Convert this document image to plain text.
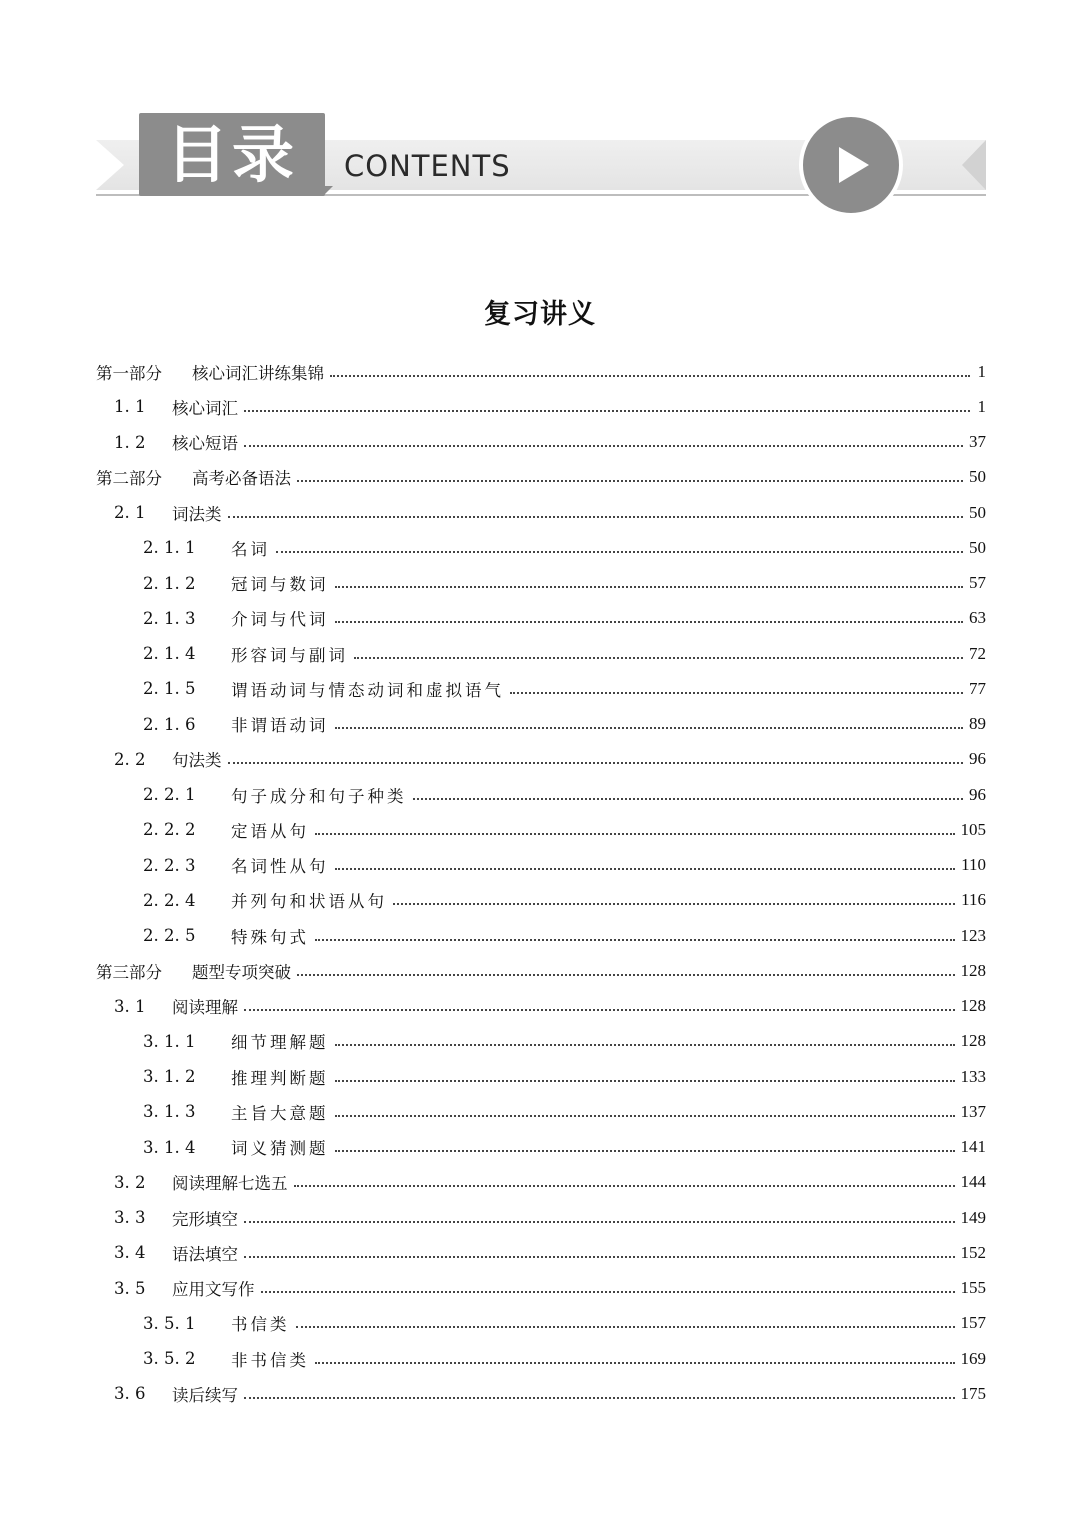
目录	CONTENTS
复习讲义
第一部分	核心词汇讲练集锦	1
1. 1	核心词汇	1
1. 2	核心短语	37
第二部分	高考必备语法	50
2. 1	词法类	50
2. 1. 1	名词	50
2. 1. 2	冠词与数词	57
2. 1. 3	介词与代词	63
2. 1. 4	形容词与副词	72
2. 1. 5	谓语动词与情态动词和虚拟语气	77
2. 1. 6	非谓语动词	89
2. 2	句法类	96
2. 2. 1	句子成分和句子种类	96
2. 2. 2	定语从句	105
2. 2. 3	名词性从句	110
2. 2. 4	并列句和状语从句	116
2. 2. 5	特殊句式	123
第三部分	题型专项突破	128
3. 1	阅读理解	128
3. 1. 1	细节理解题	128
3. 1. 2	推理判断题	133
3. 1. 3	主旨大意题	137
3. 1. 4	词义猜测题	141
3. 2	阅读理解七选五	144
3. 3	完形填空	149
3. 4	语法填空	152
3. 5	应用文写作	155
3. 5. 1	书信类	157
3. 5. 2	非书信类	169
3. 6	读后续写	175
